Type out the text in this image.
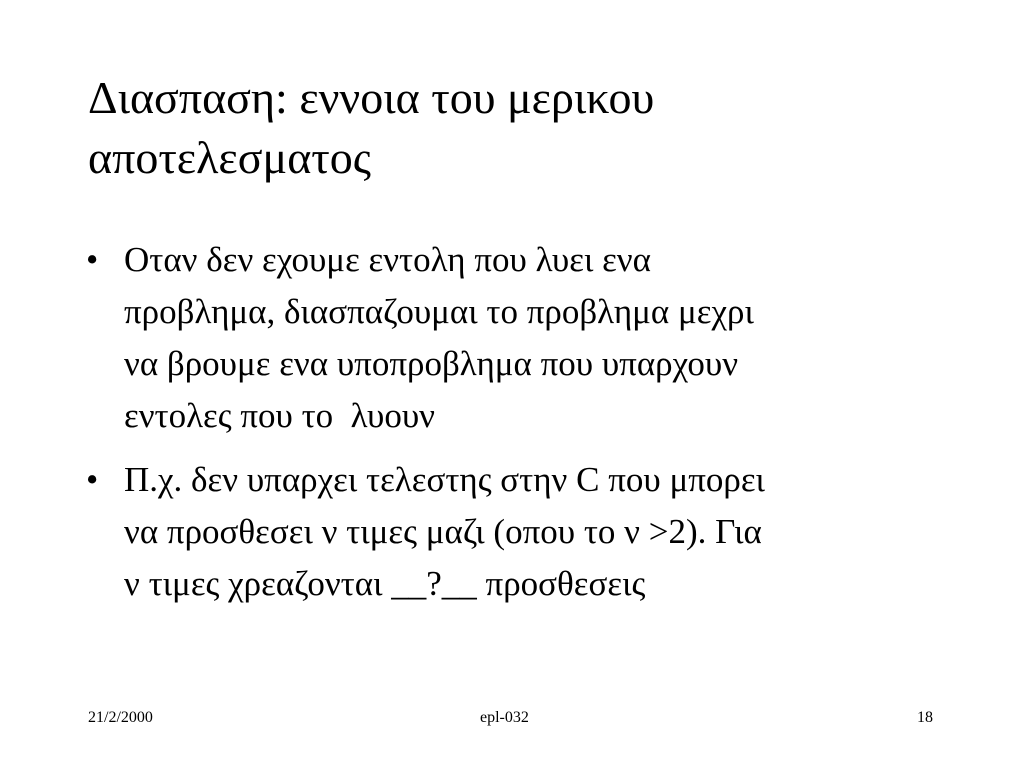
Διασπαση: εννοια του μερικου
αποτελεσματος
• Οταν δεν εχουμε εντολη που λυει ενα
προβλημα, διασπαζουμαι το προβλημα μεχρι
να βρουμε ενα υποπροβλημα που υπαρχουν
εντολες που το  λυουν
• Π.χ. δεν υπαρχει τελεστης στην C που μπορει
να προσθεσει ν τιμες μαζι (οπου το ν >2). Για
ν τιμες χρεαζονται __?__ προσθεσεις
21/2/2000	epl-032	18
